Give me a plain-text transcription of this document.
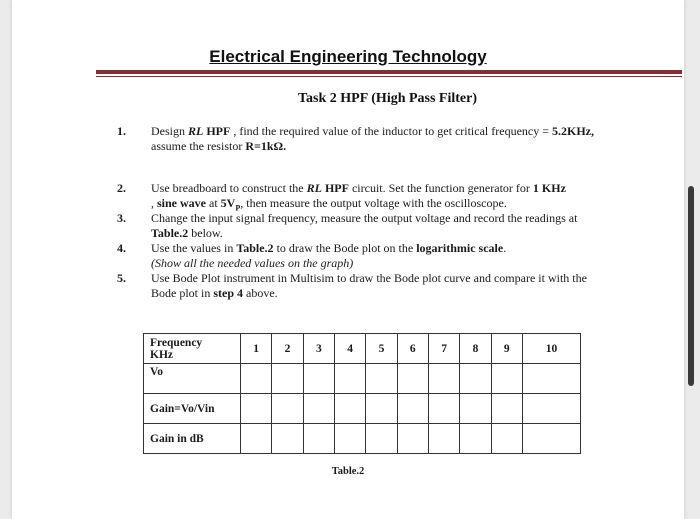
Electrical Engineering Technology
Task 2 HPF (High Pass Filter)
1. Design RL HPF , find the required value of the inductor to get critical frequency = 5.2KHz, assume the resistor R=1kΩ.
2. Use breadboard to construct the RL HPF circuit. Set the function generator for 1 KHz
, sine wave at $5V_P$, then measure the output voltage with the oscilloscope.
3. Change the input signal frequency, measure the output voltage and record the readings at Table.2 below.
4. Use the values in Table.2 to draw the Bode plot on the logarithmic scale.
(Show all the needed values on the graph)
5. Use Bode Plot instrument in Multisim to draw the Bode plot curve and compare it with the Bode plot in step 4 above.
Frequency
KHz	1	2	3	4	5	6	7	8	9	10
Vo										
Gain=Vo/Vin										
Gain in dB										
Table.2
